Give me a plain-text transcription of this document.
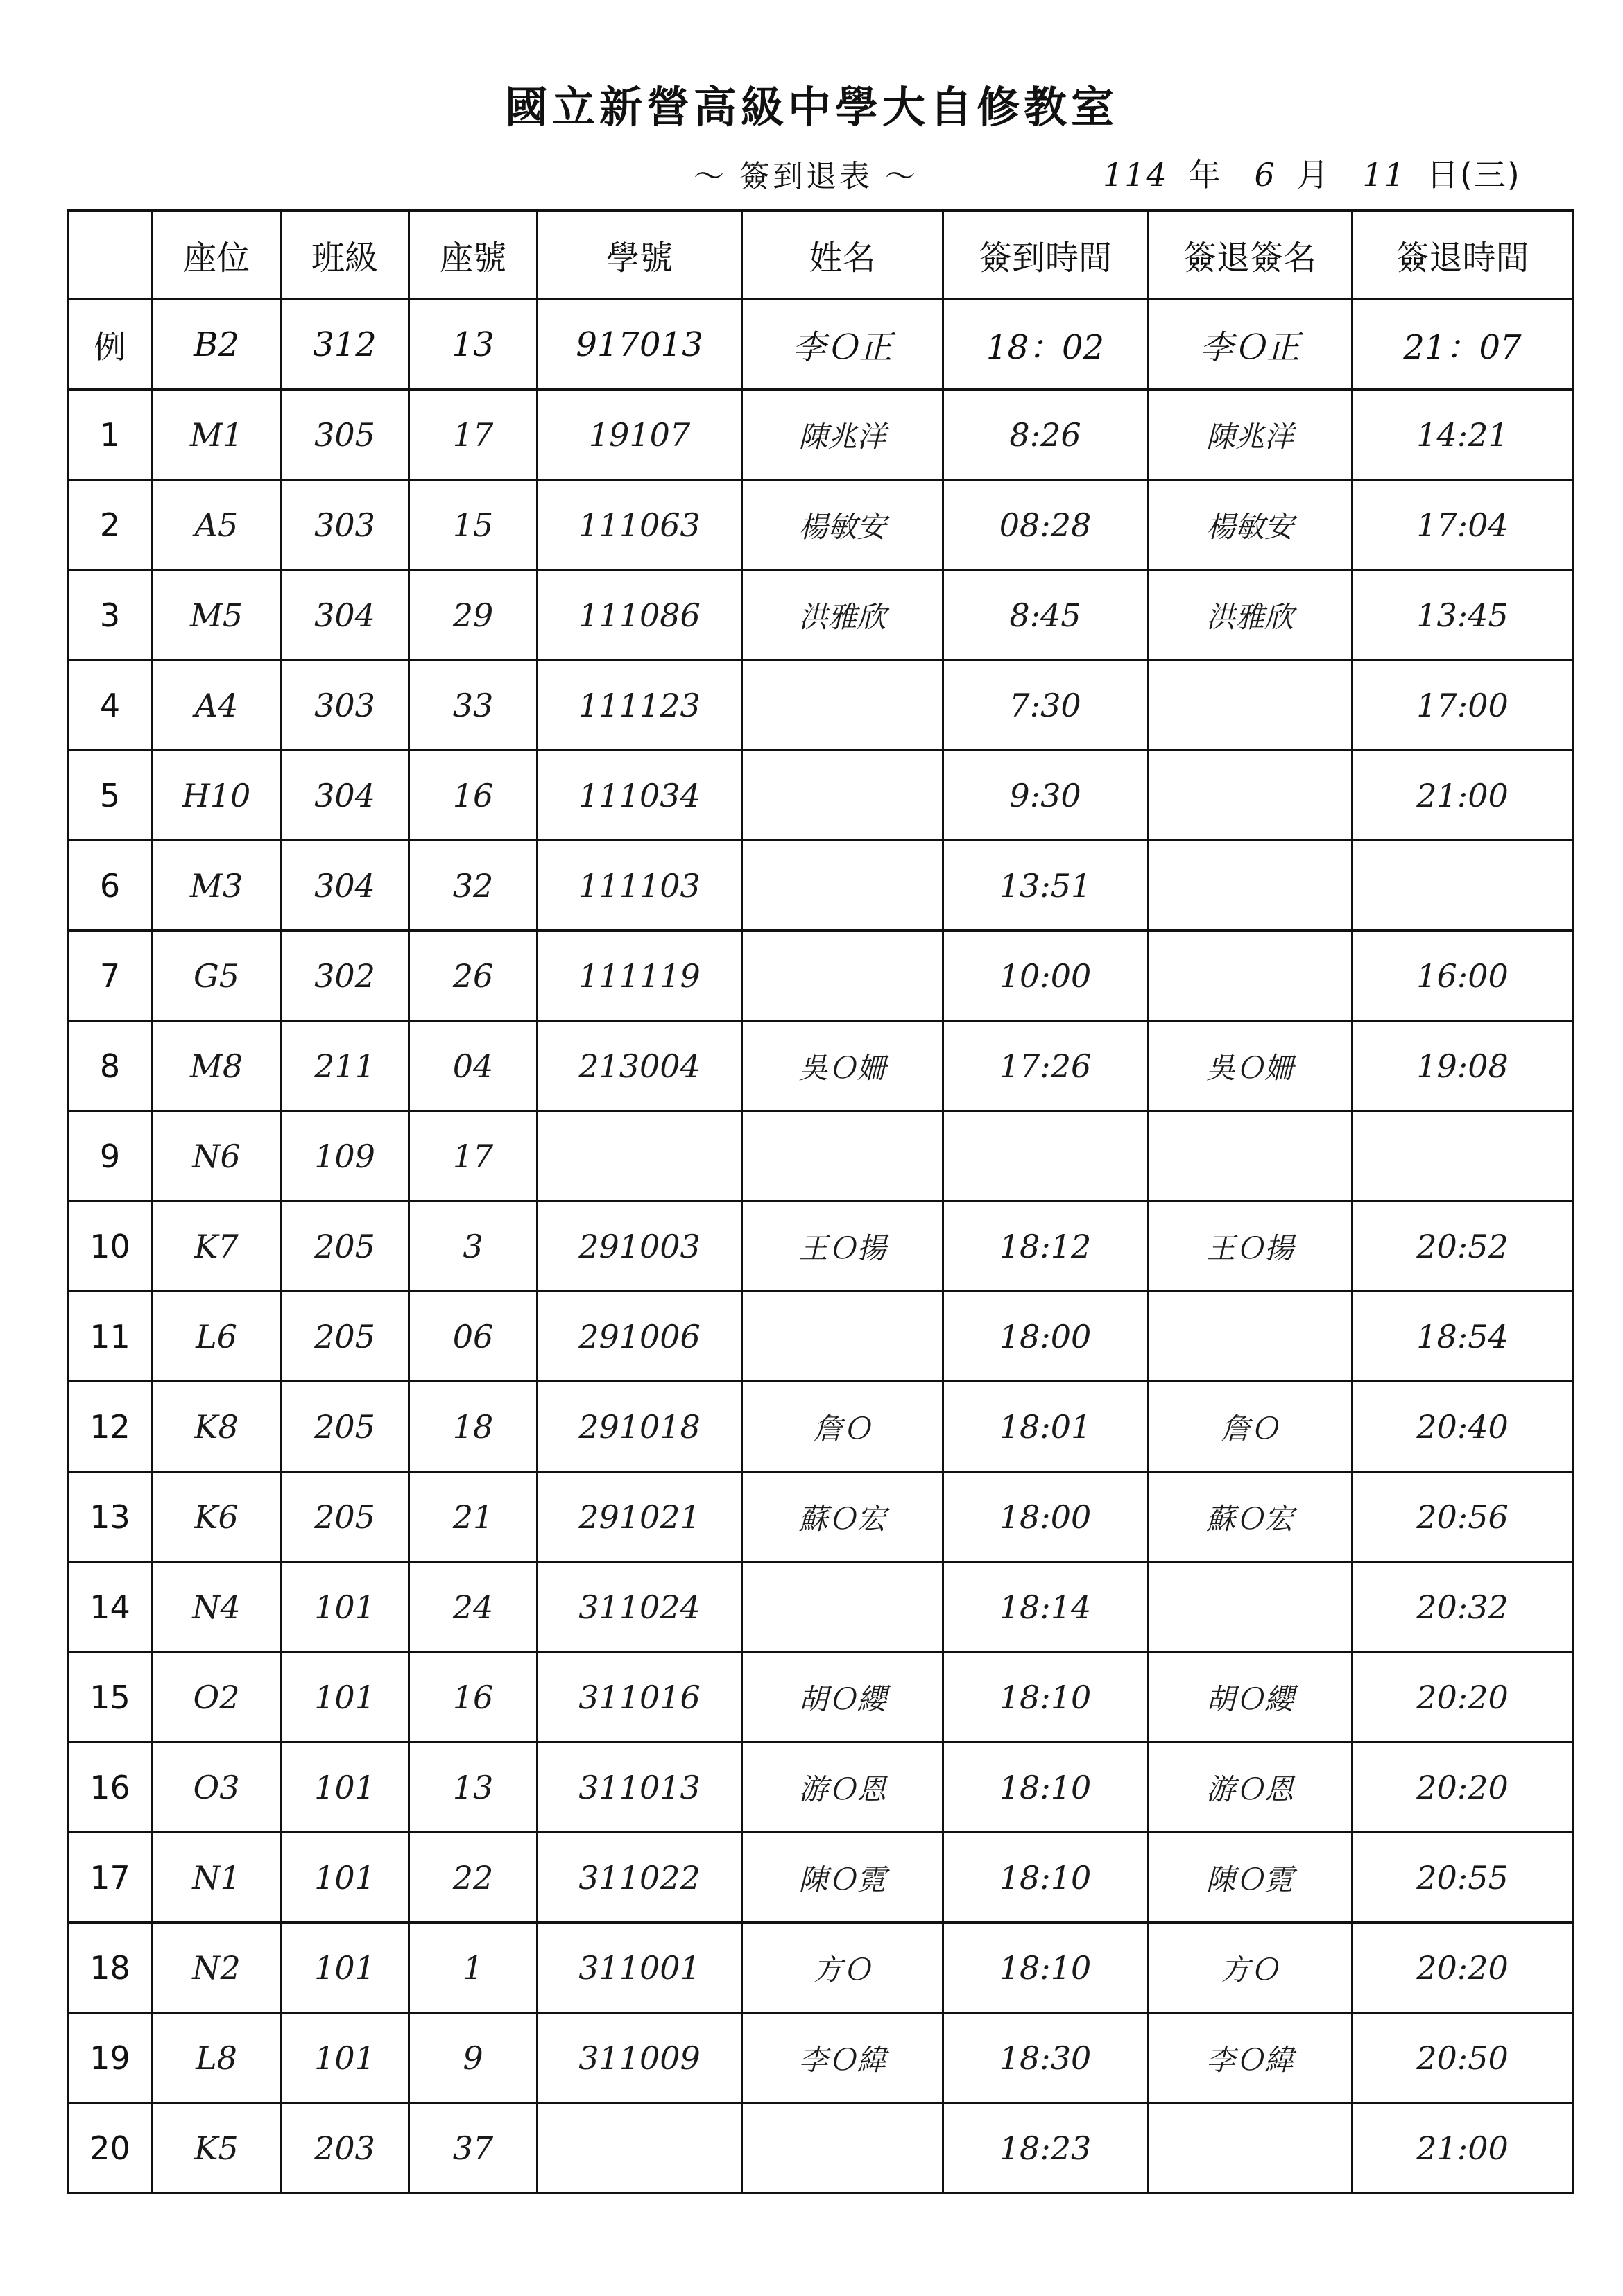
國立新營高級中學大自修教室
～ 簽到退表 ～	114 年 6 月 11 日(三)
	座位	班級	座號	學號	姓名	簽到時間	簽退簽名	簽退時間
例	B2	312	13	917013	李Ｏ正	18：02	李Ｏ正	21：07
1	M1	305	17	19107	陳兆洋	8:26	陳兆洋	14:21
2	A5	303	15	111063	楊敏安	08:28	楊敏安	17:04
3	M5	304	29	111086	洪雅欣	8:45	洪雅欣	13:45
4	A4	303	33	111123		7:30		17:00
5	H10	304	16	111034		9:30		21:00
6	M3	304	32	111103		13:51		
7	G5	302	26	111119		10:00		16:00
8	M8	211	04	213004	吳Ｏ姍	17:26	吳Ｏ姍	19:08
9	N6	109	17					
10	K7	205	3	291003	王Ｏ揚	18:12	王Ｏ揚	20:52
11	L6	205	06	291006		18:00		18:54
12	K8	205	18	291018	詹Ｏ	18:01	詹Ｏ	20:40
13	K6	205	21	291021	蘇Ｏ宏	18:00	蘇Ｏ宏	20:56
14	N4	101	24	311024		18:14		20:32
15	O2	101	16	311016	胡Ｏ纓	18:10	胡Ｏ纓	20:20
16	O3	101	13	311013	游Ｏ恩	18:10	游Ｏ恩	20:20
17	N1	101	22	311022	陳Ｏ霓	18:10	陳Ｏ霓	20:55
18	N2	101	1	311001	方Ｏ	18:10	方Ｏ	20:20
19	L8	101	9	311009	李Ｏ緯	18:30	李Ｏ緯	20:50
20	K5	203	37			18:23		21:00
